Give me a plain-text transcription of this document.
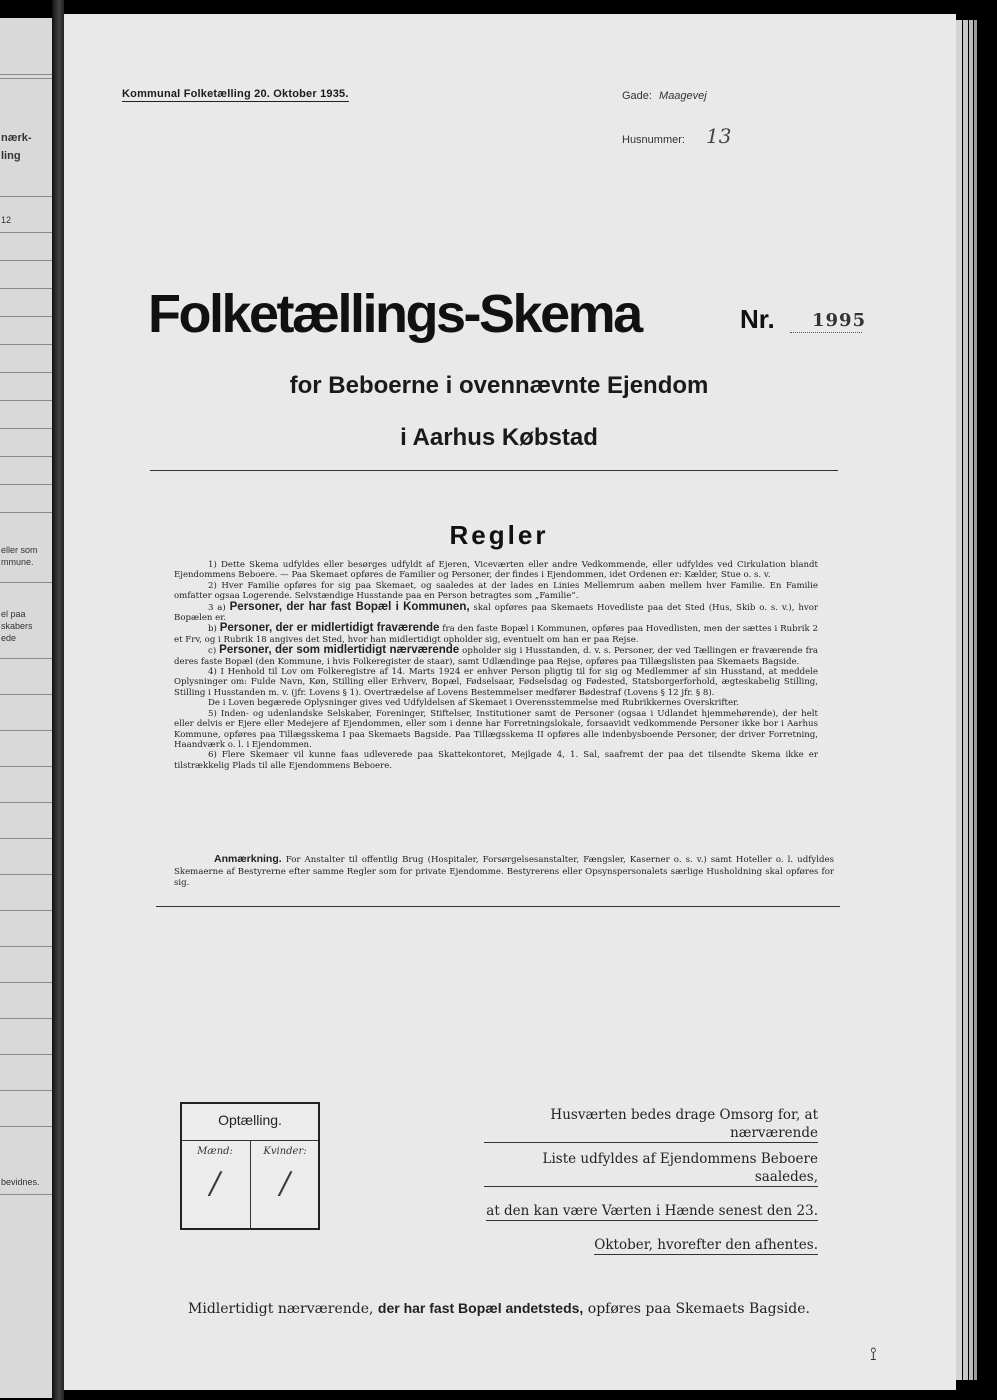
nærk-
ling
12
eller som
mmune.
el paa
skabers
ede
bevidnes.
Kommunal Folketælling 20. Oktober 1935.	Gade: Maagevej
Husnummer: 13
Folketællings-Skema	Nr. 1995
for Beboerne i ovennævnte Ejendom
i Aarhus Købstad
Regler

1) Dette Skema udfyldes eller besørges udfyldt af Ejeren, Viceværten eller andre Vedkommende, eller udfyldes ved Cirkulation blandt Ejendommens Beboere. — Paa Skemaet opføres de Familier og Personer, der findes i Ejendommen, idet Ordenen er: Kælder, Stue o. s. v.

2) Hver Familie opføres for sig paa Skemaet, og saaledes at der lades en Linies Mellemrum aaben mellem hver Familie. En Familie omfatter ogsaa Logerende. Selvstændige Husstande paa en Person betragtes som „Familie“.

3 a) Personer, der har fast Bopæl i Kommunen, skal opføres paa Skemaets Hovedliste paa det Sted (Hus, Skib o. s. v.), hvor Bopælen er.

b) Personer, der er midlertidigt fraværende fra den faste Bopæl i Kommunen, opføres paa Hovedlisten, men der sættes i Rubrik 2 et Frv, og i Rubrik 18 angives det Sted, hvor han midlertidigt opholder sig, eventuelt om han er paa Rejse.

c) Personer, der som midlertidigt nærværende opholder sig i Husstanden, d. v. s. Personer, der ved Tællingen er fraværende fra deres faste Bopæl (den Kommune, i hvis Folkeregister de staar), samt Udlændinge paa Rejse, opføres paa Tillægslisten paa Skemaets Bagside.

4) I Henhold til Lov om Folkeregistre af 14. Marts 1924 er enhver Person pligtig til for sig og Medlemmer af sin Husstand, at meddele Oplysninger om: Fulde Navn, Køn, Stilling eller Erhverv, Bopæl, Fødselsaar, Fødselsdag og Fødested, Statsborgerforhold, ægteskabelig Stilling, Stilling i Husstanden m. v. (jfr. Lovens § 1). Overtrædelse af Lovens Bestemmelser medfører Bødestraf (Lovens § 12 jfr. § 8).

De i Loven begærede Oplysninger gives ved Udfyldelsen af Skemaet i Overensstemmelse med Rubrikkernes Overskrifter.

5) Inden- og udenlandske Selskaber, Foreninger, Stiftelser, Institutioner samt de Personer (ogsaa i Udlandet hjemmehørende), der helt eller delvis er Ejere eller Medejere af Ejendommen, eller som i denne har Forretningslokale, forsaavidt vedkommende Personer ikke bor i Aarhus Kommune, opføres paa Tillægsskema I paa Skemaets Bagside. Paa Tillægsskema II opføres alle indenbysboende Personer, der driver Forretning, Haandværk o. l. i Ejendommen.

6) Flere Skemaer vil kunne faas udleverede paa Skattekontoret, Mejlgade 4, 1. Sal, saafremt der paa det tilsendte Skema ikke er tilstrækkelig Plads til alle Ejendommens Beboere.

Anmærkning. For Anstalter til offentlig Brug (Hospitaler, Forsørgelsesanstalter, Fængsler, Kaserner o. s. v.) samt Hoteller o. l. udfyldes Skemaerne af Bestyrerne efter samme Regler som for private Ejendomme. Bestyrerens eller Opsynspersonalets særlige Husholdning skal opføres for sig.
Optælling.
Mænd:	Kvinder:
/	/
Husværten bedes drage Omsorg for, at nærværende
Liste udfyldes af Ejendommens Beboere saaledes,
at den kan være Værten i Hænde senest den 23.
Oktober, hvorefter den afhentes.
Midlertidigt nærværende, der har fast Bopæl andetsteds, opføres paa Skemaets Bagside.
⟟
